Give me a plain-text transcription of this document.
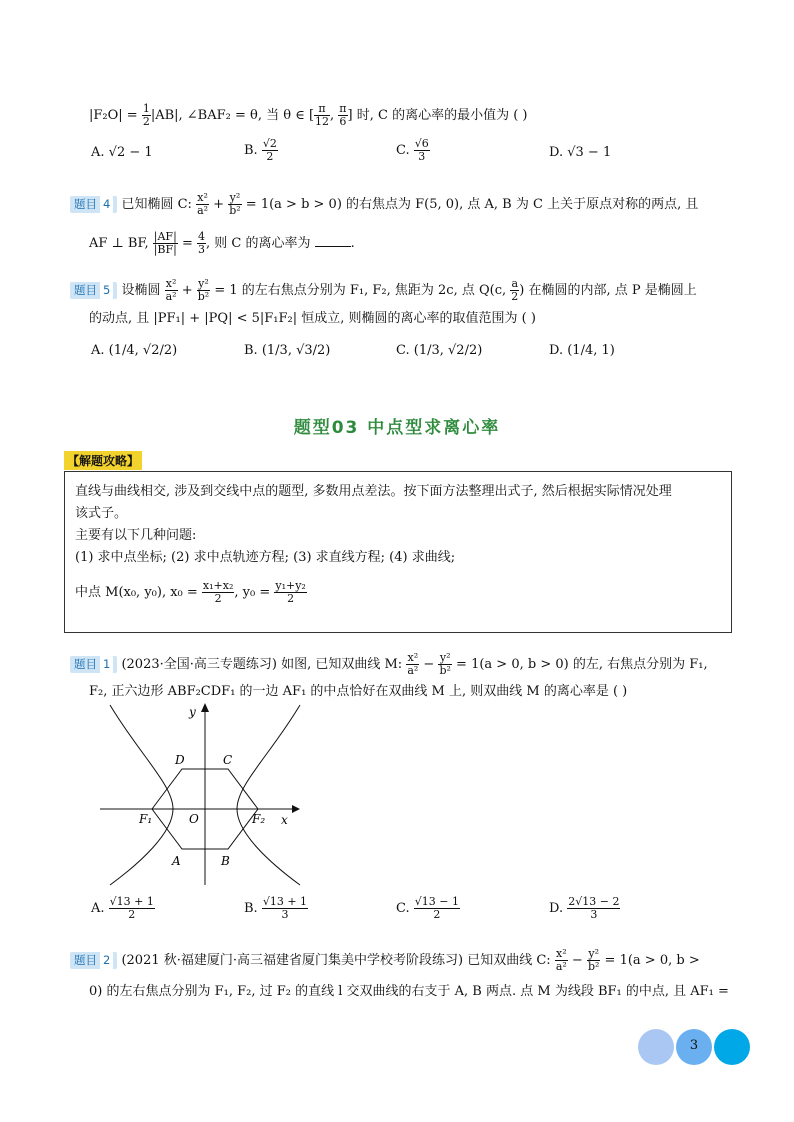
$|F_2O| = \frac{1}{2} |AB|$, ∠BAF₂ = θ, 当 θ ∈ [ $\frac{\pi}{12}$ , $\frac{\pi}{6}$ ] 时, C 的离心率的最小值为 ( )
A. √2 − 1	B. $\frac{√2}{2}$	C. $\frac{√6}{3}$	D. √3 − 1
题目 4 已知椭圆 C: $\frac{\text{x²}}{\text{a²}} + \frac{\text{y²}}{\text{b²}} = 1(a > b > 0)$ 的右焦点为 F(5, 0), 点 A, B 为 C 上关于原点对称的两点, 且
AF ⊥ BF, $\frac{|AF|}{|BF|} = \frac{4}{3}$ , 则 C 的离心率为	.
题目 5 设椭圆 $\frac{\text{x²}}{\text{a²}} + \frac{\text{y²}}{\text{b²}} = 1$ 的左右焦点分别为 F₁, F₂, 焦距为 2c, 点 Q(c, $\frac{a}{2}$ ) 在椭圆的内部, 点 P 是椭圆上
的动点, 且 |PF₁| + |PQ| < 5|F₁F₂| 恒成立, 则椭圆的离心率的取值范围为 ( )
A. (1/4, √2/2)	B. (1/3, √3/2)	C. (1/3, √2/2)	D. (1/4, 1)
题型03 中点型求离心率
【解题攻略】
直线与曲线相交, 涉及到交线中点的题型, 多数用点差法。按下面方法整理出式子, 然后根据实际情况处理
该式子。
主要有以下几种问题:
(1) 求中点坐标; (2) 求中点轨迹方程; (3) 求直线方程; (4) 求曲线;
中点 M(x₀, y₀), $x_0 = \frac{\text{x₁+x₂}}{2}$ , $y_0 = \frac{\text{y₁+y₂}}{2}$
题目 1 (2023·全国·高三专题练习) 如图, 已知双曲线 M: $\frac{\text{x²}}{\text{a²}} - \frac{\text{y²}}{\text{b²}} = 1(a > 0$, b > 0) 的左, 右焦点分别为 F₁,
F₂, 正六边形 ABF₂CDF₁ 的一边 AF₁ 的中点恰好在双曲线 M 上, 则双曲线 M 的离心率是 ( )
y
x
D	C
F₁	O	F₂
A	B
A. $\frac{√13 + 1}{2}$	B. $\frac{√13 + 1}{3}$	C. $\frac{√13 - 1}{2}$	D. $\frac{2√13 - 2}{3}$
题目 2 (2021 秋·福建厦门·高三福建省厦门集美中学校考阶段练习) 已知双曲线 C: $\frac{\text{x²}}{\text{a²}} - \frac{\text{y²}}{\text{b²}} = 1(a > 0$, b >
0) 的左右焦点分别为 F₁, F₂, 过 F₂ 的直线 l 交双曲线的右支于 A, B 两点. 点 M 为线段 BF₁ 的中点, 且 AF₁ =
3
